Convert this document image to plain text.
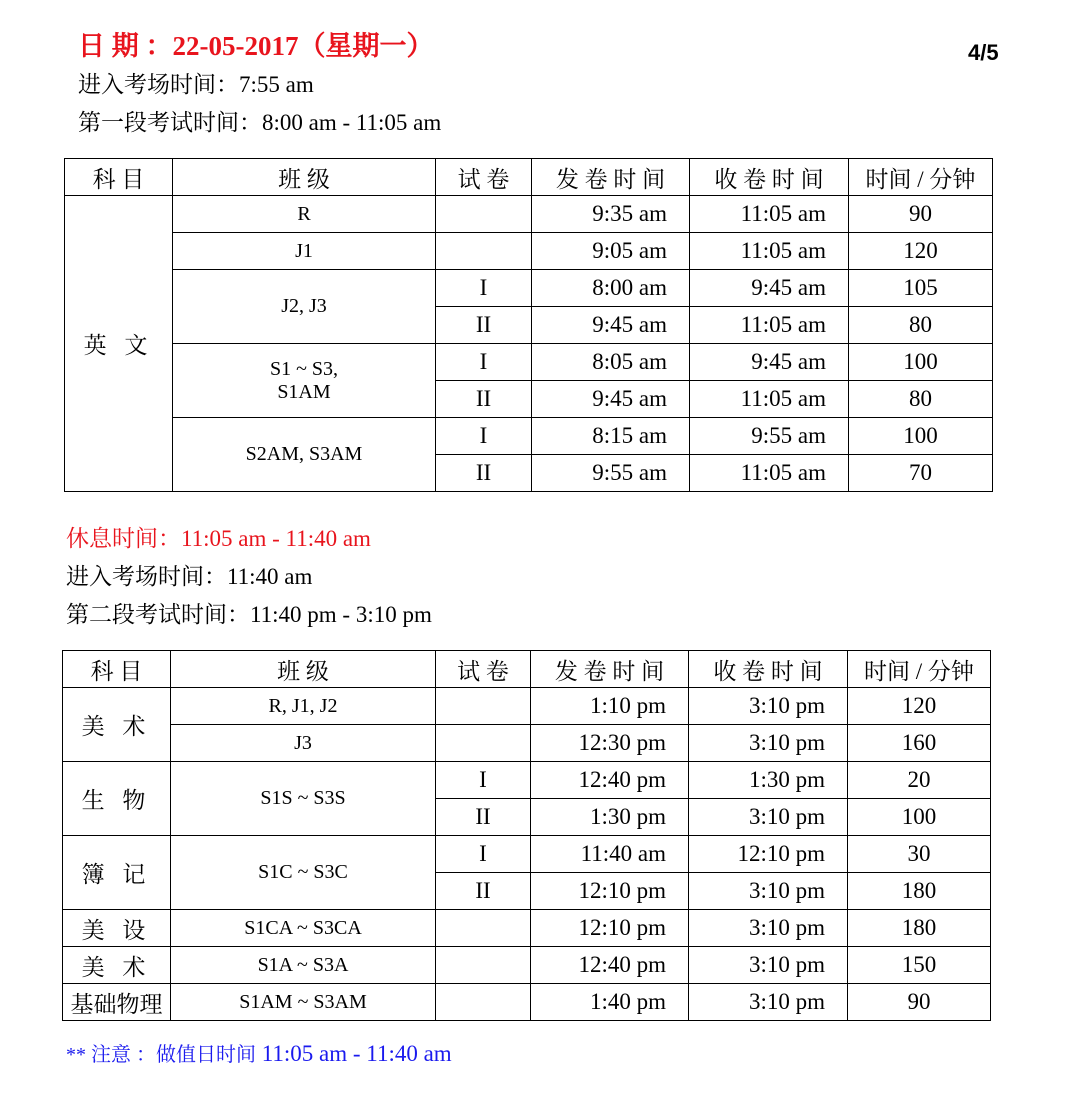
日 期 ：22-05-2017（星期一）	4/5
进入考场时间：7:55 am
第一段考试时间：8:00 am - 11:05 am
科 目	班 级	试 卷	发 卷 时 间	收 卷 时 间	时间 / 分钟
英 文	R		9:35 am	11:05 am	90
	J1		9:05 am	11:05 am	120
	J2, J3	I	8:00 am	9:45 am	105
		II	9:45 am	11:05 am	80
	S1 ~ S3, S1AM	I	8:05 am	9:45 am	100
		II	9:45 am	11:05 am	80
	S2AM, S3AM	I	8:15 am	9:55 am	100
		II	9:55 am	11:05 am	70
休息时间：11:05 am - 11:40 am
进入考场时间：11:40 am
第二段考试时间：11:40 pm - 3:10 pm
科 目	班 级	试 卷	发 卷 时 间	收 卷 时 间	时间 / 分钟
美 术	R, J1, J2		1:10 pm	3:10 pm	120
	J3		12:30 pm	3:10 pm	160
生 物	S1S ~ S3S	I	12:40 pm	1:30 pm	20
		II	1:30 pm	3:10 pm	100
簿 记	S1C ~ S3C	I	11:40 am	12:10 pm	30
		II	12:10 pm	3:10 pm	180
美 设	S1CA ~ S3CA		12:10 pm	3:10 pm	180
美 术	S1A ~ S3A		12:40 pm	3:10 pm	150
基础物理	S1AM ~ S3AM		1:40 pm	3:10 pm	90
** 注意 ：做值日时间 11:05 am - 11:40 am
